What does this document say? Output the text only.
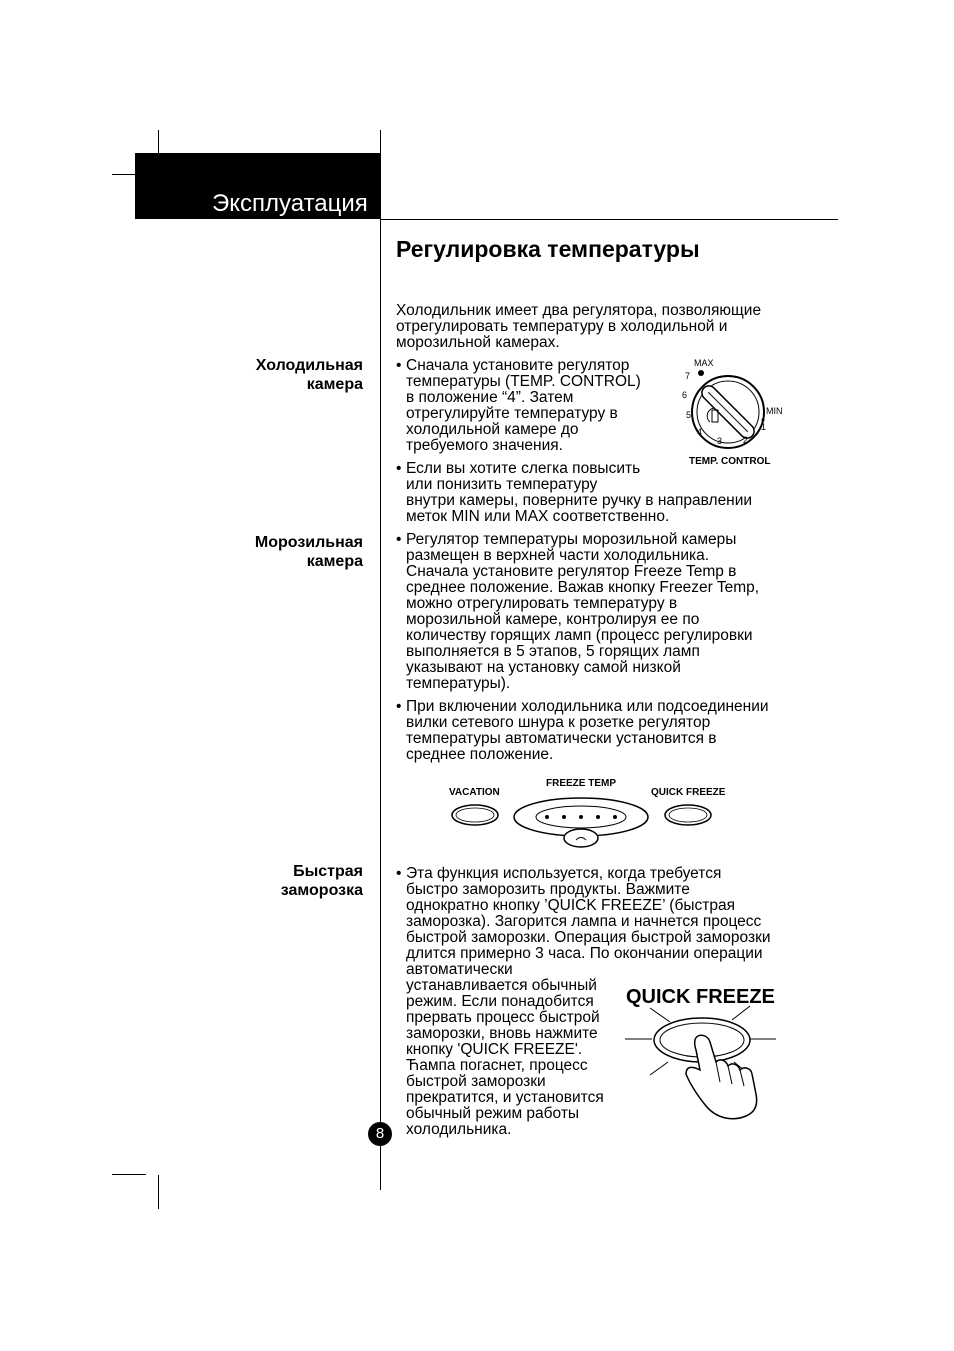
Эксплуатация
Регулировка температуры
Холодильник имеет два регулятора, позволяющие
отрегулировать температуру в холодильной и
морозильной камерах.
Холодильная
камера
• Сначала установите регулятор
температуры (TEMP. CONTROL)
в положение “4”. Затем
отрегулируйте температуру в
холодильной камере до
требуемого значения.
• Если вы хотите слегка повысить
или понизить температуру
внутри камеры, поверните ручку в направлении
меток MIN или MAX соответственно.
MAX
MIN
7
6
5
4
3 2
1
TEMP. CONTROL
Морозильная
камера
• Регулятор температуры морозильной камеры
размещен в верхней части холодильника.
Сначала установите регулятор Freeze Temp в
среднее положение. Важав кнопку Freezer Temp,
можно отрегулировать температуру в
морозильной камере, контролируя ее по
количеству горящих ламп (процесс регулировки
выполняется в 5 этапов, 5 горящих ламп
указывают на установку самой низкой
температуры).
• При включении холодильника или подсоединении
вилки сетевого шнура к розетке регулятор
температуры автоматически установится в
среднее положение.
FREEZE TEMP
VACATION	QUICK FREEZE
Быстрая
заморозка
• Эта функция используется, когда требуется
быстро заморозить продукты. Важмите
однократно кнопку ’QUICK FREEZE’ (быстрая
заморозка). Загорится лампа и начнется процесс
быстрой заморозки. Операция быстрой заморозки
длится примерно 3 часа. По окончании операции
автоматически
устанавливается обычный
режим. Если понадобится
прервать процесс быстрой
заморозки, вновь нажмите
кнопку 'QUICK FREEZE'.
Ћампа погаснет, процесс
быстрой заморозки
прекратится, и установится
обычный режим работы
холодильника.
QUICK FREEZE
8
